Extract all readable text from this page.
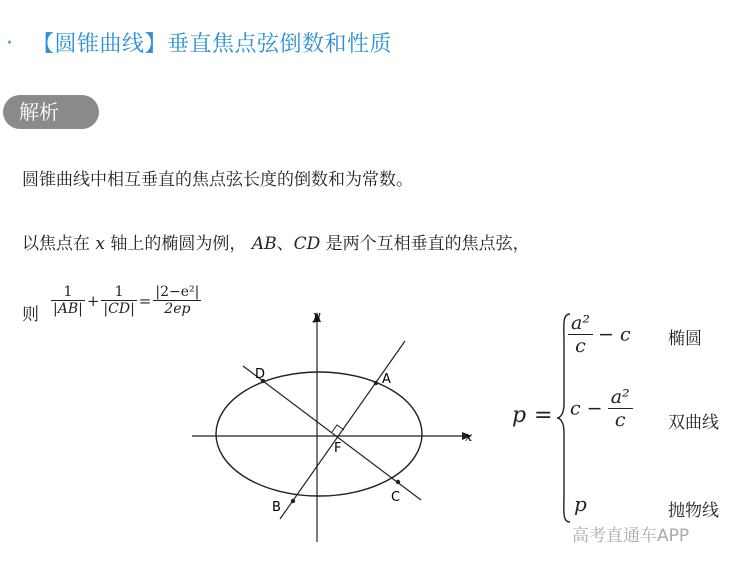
· 【圆锥曲线】垂直焦点弦倒数和性质
解析
圆锥曲线中相互垂直的焦点弦长度的倒数和为常数。
以焦点在 x 轴上的椭圆为例， AB、CD 是两个互相垂直的焦点弦，
则 $\frac{1}{|AB|} + \frac{1}{|CD|} = \frac{\text{|2−e²|}}{2ep}$
x
y
A
B
C
D
F
p =
$\frac{\text{a²}}{c} - c$ 椭圆
$c - \frac{\text{a²}}{c}$ 双曲线
p	抛物线
高考直通车APP
